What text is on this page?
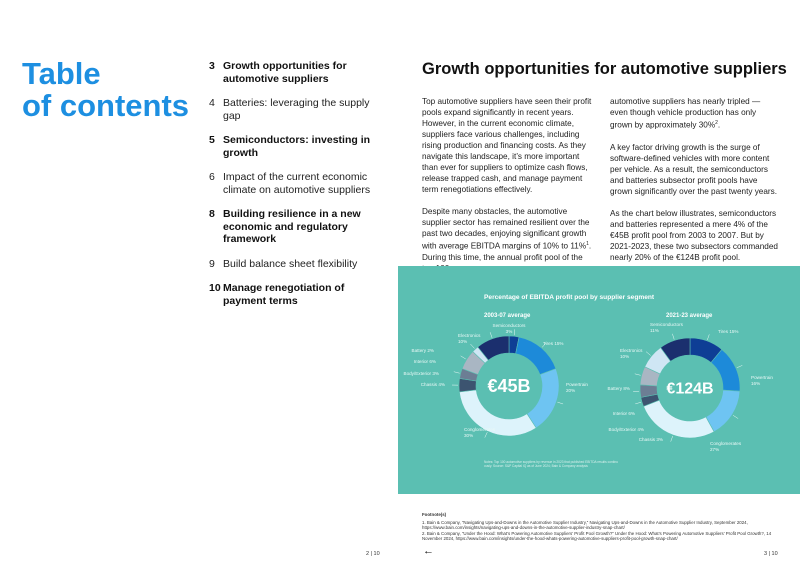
Table
of contents
3 Growth opportunities for automotive suppliers
4 Batteries: leveraging the supply gap
5 Semiconductors: investing in growth
6 Impact of the current economic climate on automotive suppliers
8 Building resilience in a new economic and regulatory framework
9 Build balance sheet flexibility
10 Manage renegotiation of payment terms
2 | 10
Growth opportunities for automotive suppliers

Top automotive suppliers have seen their profit pools expand significantly in recent years. However, in the current economic climate, suppliers face various challenges, including rising production and financing costs. As they navigate this landscape, it’s more important than ever for suppliers to optimize cash flows, release trapped cash, and manage payment term renegotiations effectively.

Despite many obstacles, the automotive supplier sector has remained resilient over the past two decades, enjoying significant growth with average EBITDA margins of 10% to 11%$^1$. During this time, the annual profit pool of the

automotive suppliers has nearly tripled — even though vehicle production has only grown by approximately 30%$^2$.

A key factor driving growth is the surge of software-defined vehicles with more content per vehicle. As a result, the semiconductors and batteries subsector profit pools have grown significantly over the past twenty years.

As the chart below illustrates, semiconductors and batteries represented a mere 4% of the €45B profit pool from 2003 to 2007. But by 2021-2023, these two subsectors commanded nearly 20% of the €124B profit pool.

Percentage of EBITDA profit pool by supplier segment
2003-07 average
Semiconductors
3%
Tires 15%
Powertrain
20%
Conglomerates
30%
Chassis 4%
Body/Exterior 3%
Interior 6%
Battery 2%
Electronics
10%
€45B
2021-23 average
Semiconductors
11%	Tires 15%
Powertrain
16%
Conglomerates
27%
Chassis 3%
Body/Exterior 4%
Interior 6%
Battery 8%
Electronics
10%
€124B
Notes: Top 100 automotive suppliers by revenue in 2023 that published EBITDA results continu
ously. Source: S&P Capital IQ as of June 2024; Bain & Company analysis
Footnote(s)
1. Bain & Company, “Navigating Ups-and-Downs in the Automotive Supplier Industry,” Navigating Ups-and-Downs in the Automotive Supplier Industry, September 2024, https://www.bain.com/insights/navigating-ups-and-downs-in-the-automotive-supplier-industry-snap-chart/
2. Bain & Company, “Under the Hood: What’s Powering Automotive Suppliers’ Profit Pool Growth?” Under the Hood: What’s Powering Automotive Suppliers’ Profit Pool Growth?, 14 November 2024, https://www.bain.com/insights/under-the-hood-whats-powering-automotive-suppliers-profit-pool-growth-snap-chart/
←	3 | 10
